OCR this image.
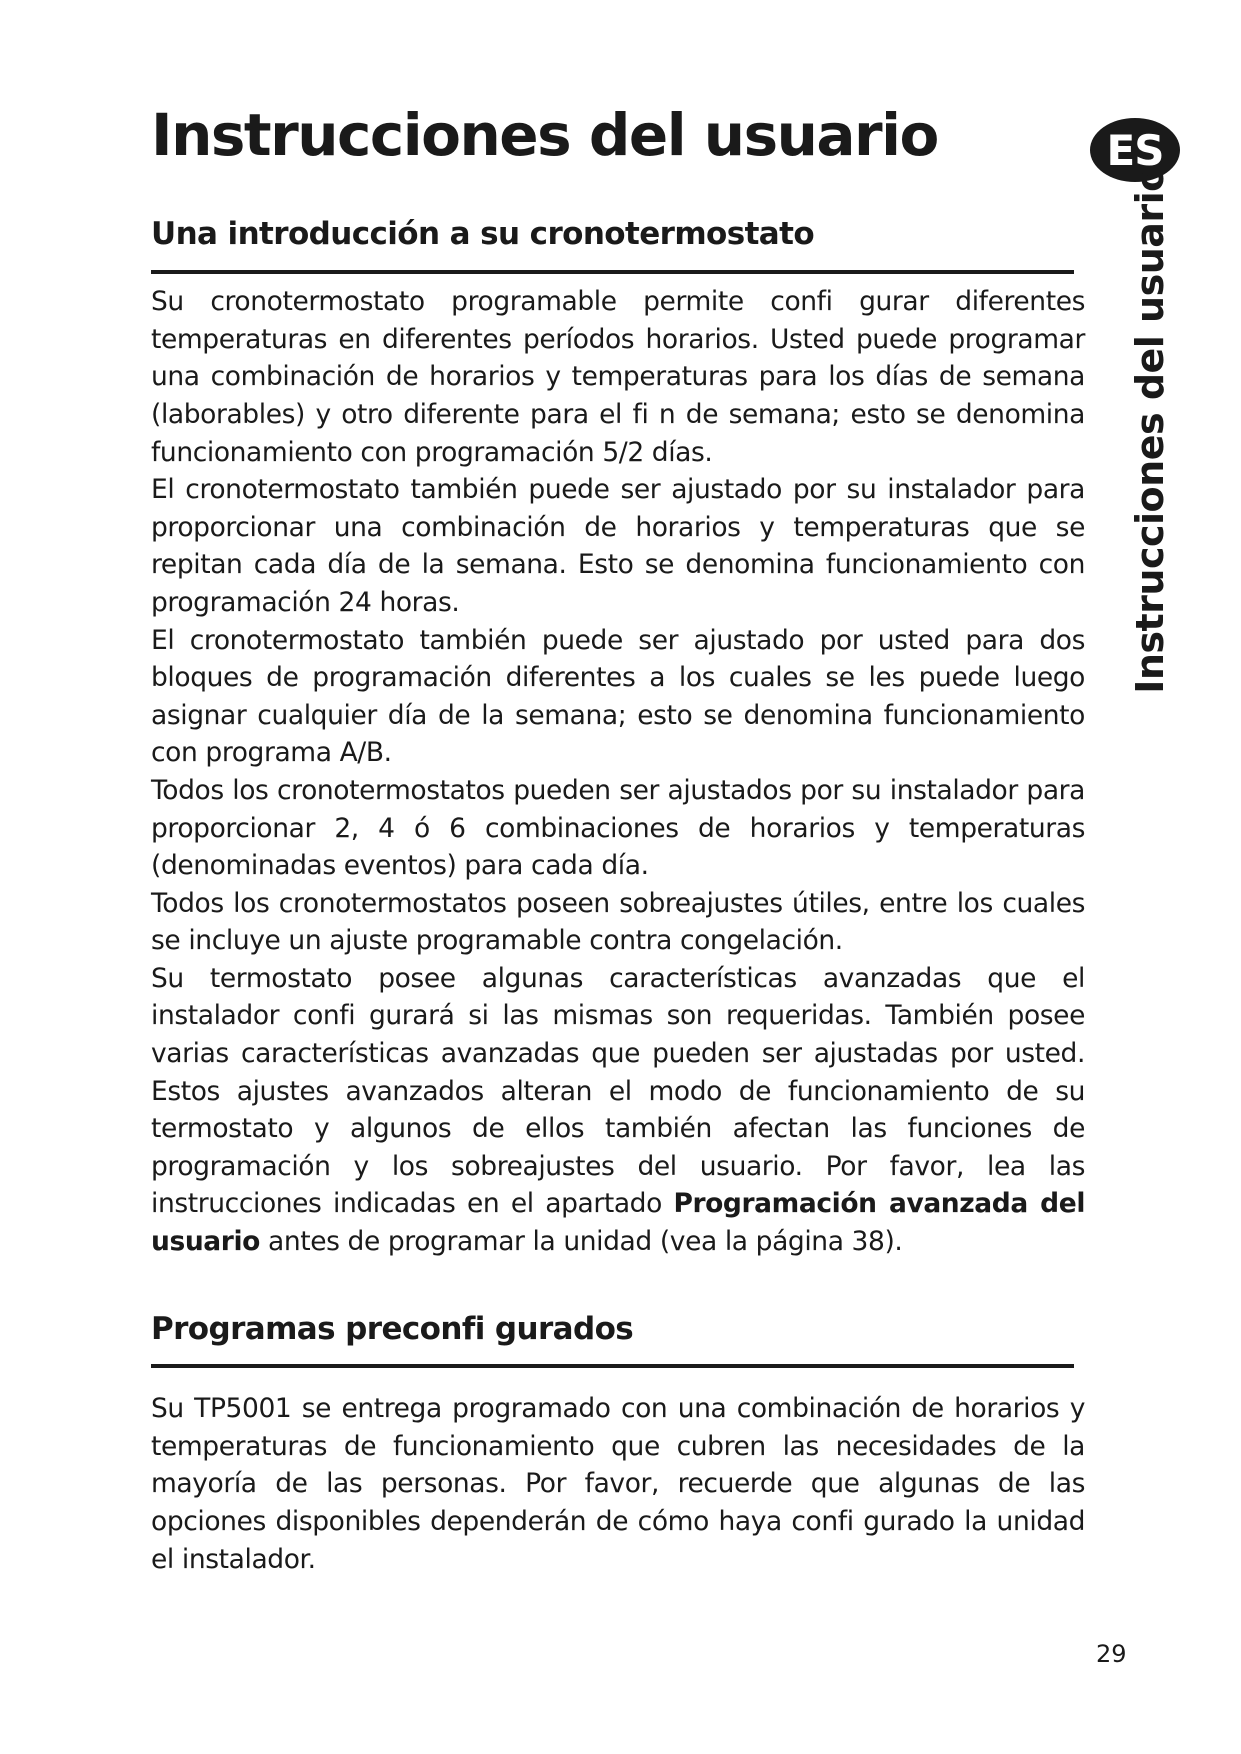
Instrucciones del usuario	ES
Instrucciones del usuario
Una introducción a su cronotermostato

Su cronotermostato programable permite confi gurar diferentes temperaturas en diferentes períodos horarios. Usted puede programar una combinación de horarios y temperaturas para los días de semana (laborables) y otro diferente para el fi n de semana; esto se denomina funcionamiento con programación 5/2 días.

El cronotermostato también puede ser ajustado por su instalador para proporcionar una combinación de horarios y temperaturas que se repitan cada día de la semana. Esto se denomina funcionamiento con programación 24 horas.

El cronotermostato también puede ser ajustado por usted para dos bloques de programación diferentes a los cuales se les puede luego asignar cualquier día de la semana; esto se denomina funcionamiento con programa A/B.

Todos los cronotermostatos pueden ser ajustados por su instalador para proporcionar 2, 4 ó 6 combinaciones de horarios y temperaturas (denominadas eventos) para cada día.

Todos los cronotermostatos poseen sobreajustes útiles, entre los cuales se incluye un ajuste programable contra congelación.

Su termostato posee algunas características avanzadas que el instalador confi gurará si las mismas son requeridas. También posee varias características avanzadas que pueden ser ajustadas por usted. Estos ajustes avanzados alteran el modo de funcionamiento de su termostato y algunos de ellos también afectan las funciones de programación y los sobreajustes del usuario. Por favor, lea las instrucciones indicadas en el apartado Programación avanzada del usuario antes de programar la unidad (vea la página 38).

Programas preconfi gurados

Su TP5001 se entrega programado con una combinación de horarios y temperaturas de funcionamiento que cubren las necesidades de la mayoría de las personas. Por favor, recuerde que algunas de las opciones disponibles dependerán de cómo haya confi gurado la unidad el instalador.

29
